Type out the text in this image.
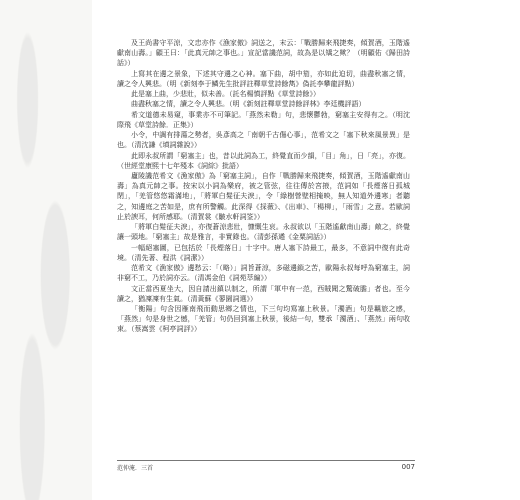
及王尚書守平涼，文忠亦作《漁家傲》詞送之，末云：「戰勝歸來飛捷奏，傾賀酒，玉階遙獻南山壽。」顧王曰：「此真元帥之事也。」宣記當譏范詞，故為是以矯之歟？（明顧佑《歸田詩話》）

上寫其在邊之景象，下述其守邊之心神。塞下曲，胡中笳，亦如此迫切，曲盡秋塞之情，讀之令人興悲。（明《新刻李于鱗先生批評註釋草堂詩餘雋》偽託李攀龍評點）

此是塞上曲，少悲壯，似未善。（託名楊慎評點《草堂詩餘》）

曲盡秋塞之情，讀之令人興悲。（明《新刻註釋草堂詩餘評林》李廷機評語）

希文道德未易窺，事業亦不可筆記。「燕然未勒」句，悲懷鬱勃，窮塞主安得有之。（明沈際飛《草堂詩餘．正集》）

小令，中調有排蕩之勢者，吳彥高之「南朝千古傷心事」，范希文之「塞下秋來風景異」是也。（清沈謙《填詞雜說》）

此即永叔所謂「窮塞主」也，昔以此詞為工，終覺直而少韻，「目」角」，日「亮」，亦復。（世經堂康熙十七年殘本《詞綜》批語）

廬陵譏范希文《漁家傲》為「窮塞主詞」，自作「戰勝歸來飛捷奏，傾賀酒，玉階遙獻南山壽」為真元帥之事。按宋以小詞為樂府，被之管弦，往往傳於宮掖，范詞如「長煙落日孤城閉」，「羌管悠悠霜滿地」，「將軍白髮征夫淚」，令「綠樹營壁相掩映，無人知道外邊寒」者聽之，知邊庭之苦如是，庶有所警觸。此深得《採薇》、《出車》、「楊柳」，「雨雪」之意。若歐詞止於諛耳，何所感耶。（清賀裳《皺水軒詞筌》）

「將軍白髮征夫淚」，亦復蒼涼悲壯，慷慨生哀。永叔欲以「玉階遙獻南山壽」敵之，終覺讓一頭地。「窮塞主」故是雅言，非實錄也。（清彭孫遹《金粟詞話》）

一幅絕塞圖，已包括於「長煙落日」十字中。唐人塞下詩最工，最多，不意詞中復有此奇境。（清先著、程洪《詞潔》）

范希文《漁家傲》邊愁云：「（略）」詞旨蒼涼，多磁邊鎖之苦，歐陽永叔每呼為窮塞主，詞非窮不工，乃於詞亦云。（清馮金伯《詞苑萃編》）

文正當西夏坐大，因自請出鎮以制之，所謂「軍中有一范，西賊聞之驚破膽」者也。至今讀之，猶凜凜有生氣。（清黃蘇《蓼園詞選》）

「衡陽」句含因雁南飛而動思鄉之情也，下三句均寫塞上秋景。「濁酒」句是羈旅之感，「燕然」句是身世之憾，「羌管」句仍回到塞上秋景，後結一句，雙承「濁酒」、「燕然」兩句收束。（蔡嵩雲《柯亭詞評》）

范仲淹．三首	007
